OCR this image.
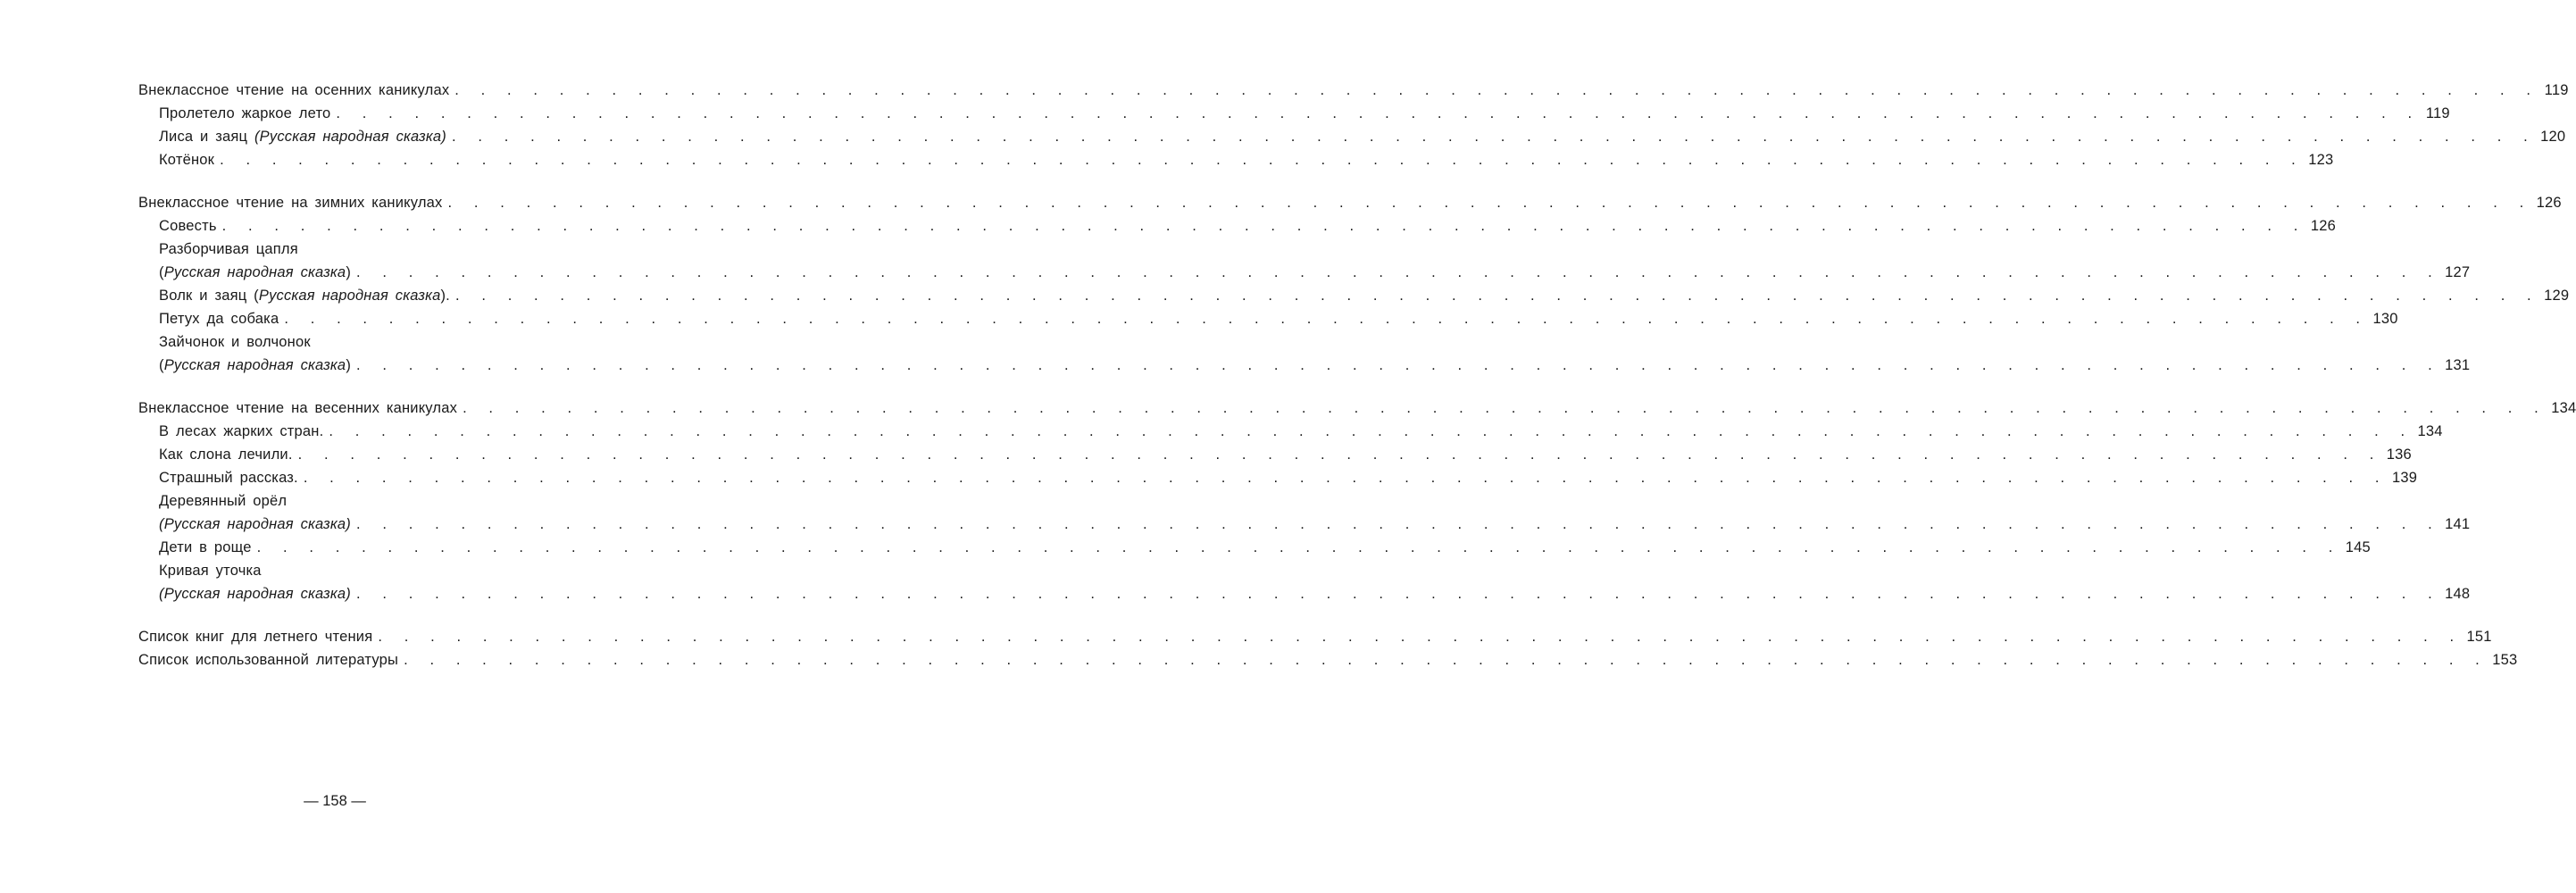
Внеклассное чтение на осенних каникулах . . . . . . . . . . . . . . . . . . . . . . . . . . . . . . . . . . . . . . . . . . . . . . . . . . . . . . . . . . . . . . . . . . . . . . . . . . . . . . . . 119
Пролетело жаркое лето . . . . . . . . . . . . . . . . . . . . . . . . . . . . . . . . . . . . . . . . . . . . . . . . . . . . . . . . . . . . . . . . . . . . . . . . . . . . . . . . 119
Лиса и заяц (Русская народная сказка) . . . . . . . . . . . . . . . . . . . . . . . . . . . . . . . . . . . . . . . . . . . . . . . . . . . . . . . . . . . . . . . . . . . . . . . . . . . . . . . . 120
Котёнок . . . . . . . . . . . . . . . . . . . . . . . . . . . . . . . . . . . . . . . . . . . . . . . . . . . . . . . . . . . . . . . . . . . . . . . . . . . . . . . . 123
Внеклассное чтение на зимних каникулах . . . . . . . . . . . . . . . . . . . . . . . . . . . . . . . . . . . . . . . . . . . . . . . . . . . . . . . . . . . . . . . . . . . . . . . . . . . . . . . . 126
Совесть . . . . . . . . . . . . . . . . . . . . . . . . . . . . . . . . . . . . . . . . . . . . . . . . . . . . . . . . . . . . . . . . . . . . . . . . . . . . . . . . 126
Разборчивая цапля
(Русская народная сказка) . . . . . . . . . . . . . . . . . . . . . . . . . . . . . . . . . . . . . . . . . . . . . . . . . . . . . . . . . . . . . . . . . . . . . . . . . . . . . . . . 127
Волк и заяц (Русская народная сказка). . . . . . . . . . . . . . . . . . . . . . . . . . . . . . . . . . . . . . . . . . . . . . . . . . . . . . . . . . . . . . . . . . . . . . . . . . . . . . . . . 129
Петух да собака . . . . . . . . . . . . . . . . . . . . . . . . . . . . . . . . . . . . . . . . . . . . . . . . . . . . . . . . . . . . . . . . . . . . . . . . . . . . . . . . 130
Зайчонок и волчонок
(Русская народная сказка) . . . . . . . . . . . . . . . . . . . . . . . . . . . . . . . . . . . . . . . . . . . . . . . . . . . . . . . . . . . . . . . . . . . . . . . . . . . . . . . . 131
Внеклассное чтение на весенних каникулах . . . . . . . . . . . . . . . . . . . . . . . . . . . . . . . . . . . . . . . . . . . . . . . . . . . . . . . . . . . . . . . . . . . . . . . . . . . . . . . . 134
В лесах жарких стран. . . . . . . . . . . . . . . . . . . . . . . . . . . . . . . . . . . . . . . . . . . . . . . . . . . . . . . . . . . . . . . . . . . . . . . . . . . . . . . . . 134
Как слона лечили. . . . . . . . . . . . . . . . . . . . . . . . . . . . . . . . . . . . . . . . . . . . . . . . . . . . . . . . . . . . . . . . . . . . . . . . . . . . . . . . . 136
Страшный рассказ. . . . . . . . . . . . . . . . . . . . . . . . . . . . . . . . . . . . . . . . . . . . . . . . . . . . . . . . . . . . . . . . . . . . . . . . . . . . . . . . . 139
Деревянный орёл
(Русская народная сказка) . . . . . . . . . . . . . . . . . . . . . . . . . . . . . . . . . . . . . . . . . . . . . . . . . . . . . . . . . . . . . . . . . . . . . . . . . . . . . . . . 141
Дети в роще . . . . . . . . . . . . . . . . . . . . . . . . . . . . . . . . . . . . . . . . . . . . . . . . . . . . . . . . . . . . . . . . . . . . . . . . . . . . . . . . 145
Кривая уточка
(Русская народная сказка) . . . . . . . . . . . . . . . . . . . . . . . . . . . . . . . . . . . . . . . . . . . . . . . . . . . . . . . . . . . . . . . . . . . . . . . . . . . . . . . . 148
Список книг для летнего чтения . . . . . . . . . . . . . . . . . . . . . . . . . . . . . . . . . . . . . . . . . . . . . . . . . . . . . . . . . . . . . . . . . . . . . . . . . . . . . . . . 151
Список использованной литературы . . . . . . . . . . . . . . . . . . . . . . . . . . . . . . . . . . . . . . . . . . . . . . . . . . . . . . . . . . . . . . . . . . . . . . . . . . . . . . . . 153
— 158 —
